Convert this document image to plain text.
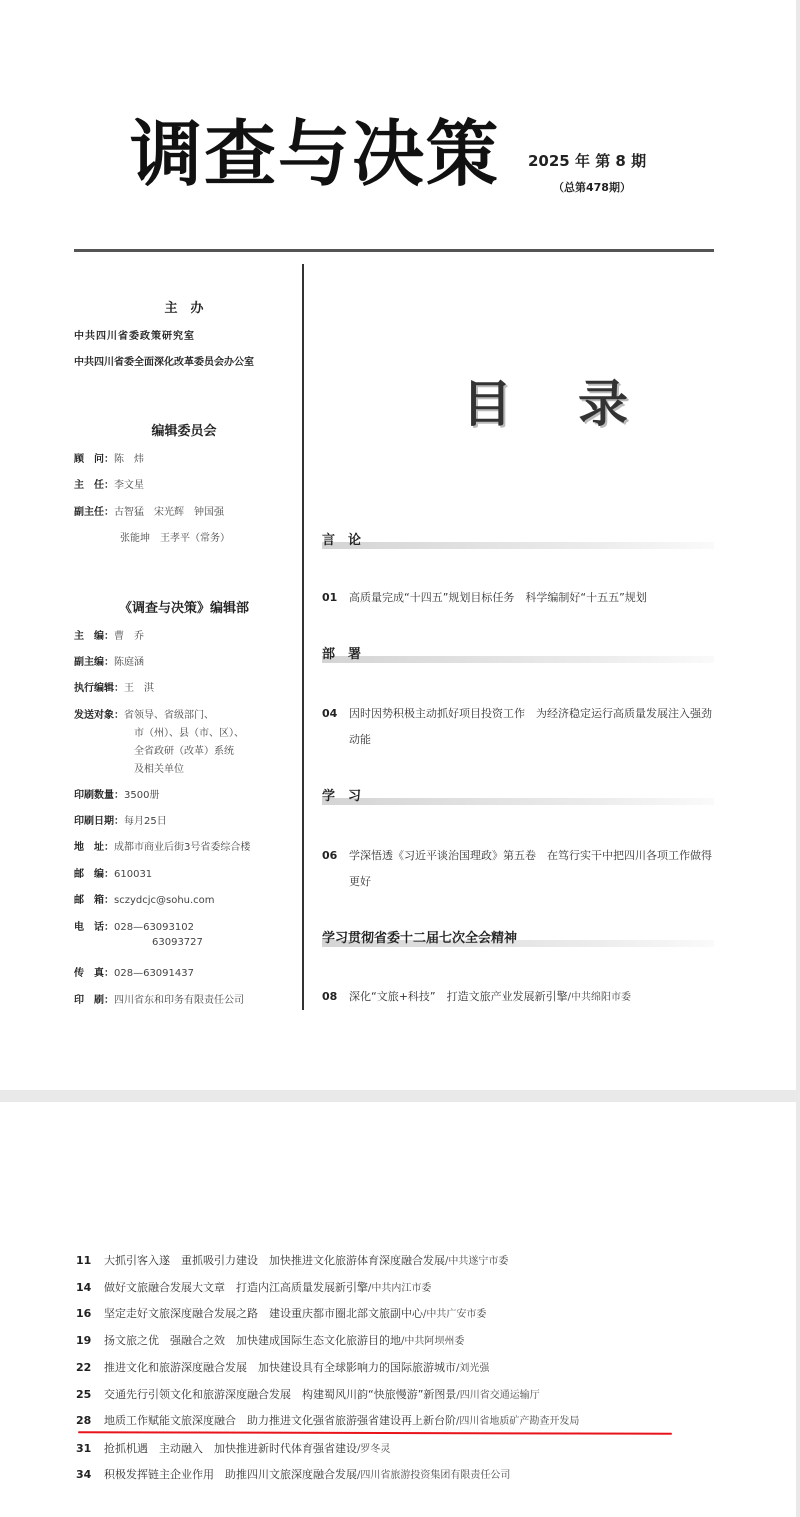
调查与决策 2025 年 第 8 期
（总第478期）
主　办
中共四川省委政策研究室
中共四川省委全面深化改革委员会办公室
编辑委员会
顾　问：陈　炜
主　任：李文星
副主任：古智猛　宋光辉　钟国强
张能坤　王孝平（常务）
《调查与决策》编辑部
主　编：曹　乔
副主编：陈庭涵
执行编辑：王　淇
发送对象：省领导、省级部门、
市（州）、县（市、区）、
全省政研（改革）系统
及相关单位
印刷数量：3500册
印刷日期：每月25日
地　址：成都市商业后街3号省委综合楼
邮　编：610031
邮　箱：sczydcjc@sohu.com
电　话：028—63093102
63093727
传　真：028—63091437
印　刷：四川省东和印务有限责任公司
目　录
言　论
01 高质量完成“十四五”规划目标任务　科学编制好“十五五”规划
部　署
04 因时因势积极主动抓好项目投资工作　为经济稳定运行高质量发展注入强劲动能
学　习
06 学深悟透《习近平谈治国理政》第五卷　在笃行实干中把四川各项工作做得更好
学习贯彻省委十二届七次全会精神
08 深化“文旅+科技”　打造文旅产业发展新引擎/中共绵阳市委
11 大抓引客入遂　重抓吸引力建设　加快推进文化旅游体育深度融合发展/中共遂宁市委
14 做好文旅融合发展大文章　打造内江高质量发展新引擎/中共内江市委
16 坚定走好文旅深度融合发展之路　建设重庆都市圈北部文旅副中心/中共广安市委
19 扬文旅之优　强融合之效　加快建成国际生态文化旅游目的地/中共阿坝州委
22 推进文化和旅游深度融合发展　加快建设具有全球影响力的国际旅游城市/刘光强
25 交通先行引领文化和旅游深度融合发展　构建蜀风川韵“快旅慢游”新图景/四川省交通运输厅
28 地质工作赋能文旅深度融合　助力推进文化强省旅游强省建设再上新台阶/四川省地质矿产勘查开发局
31 抢抓机遇　主动融入　加快推进新时代体育强省建设/罗冬灵
34 积极发挥链主企业作用　助推四川文旅深度融合发展/四川省旅游投资集团有限责任公司
